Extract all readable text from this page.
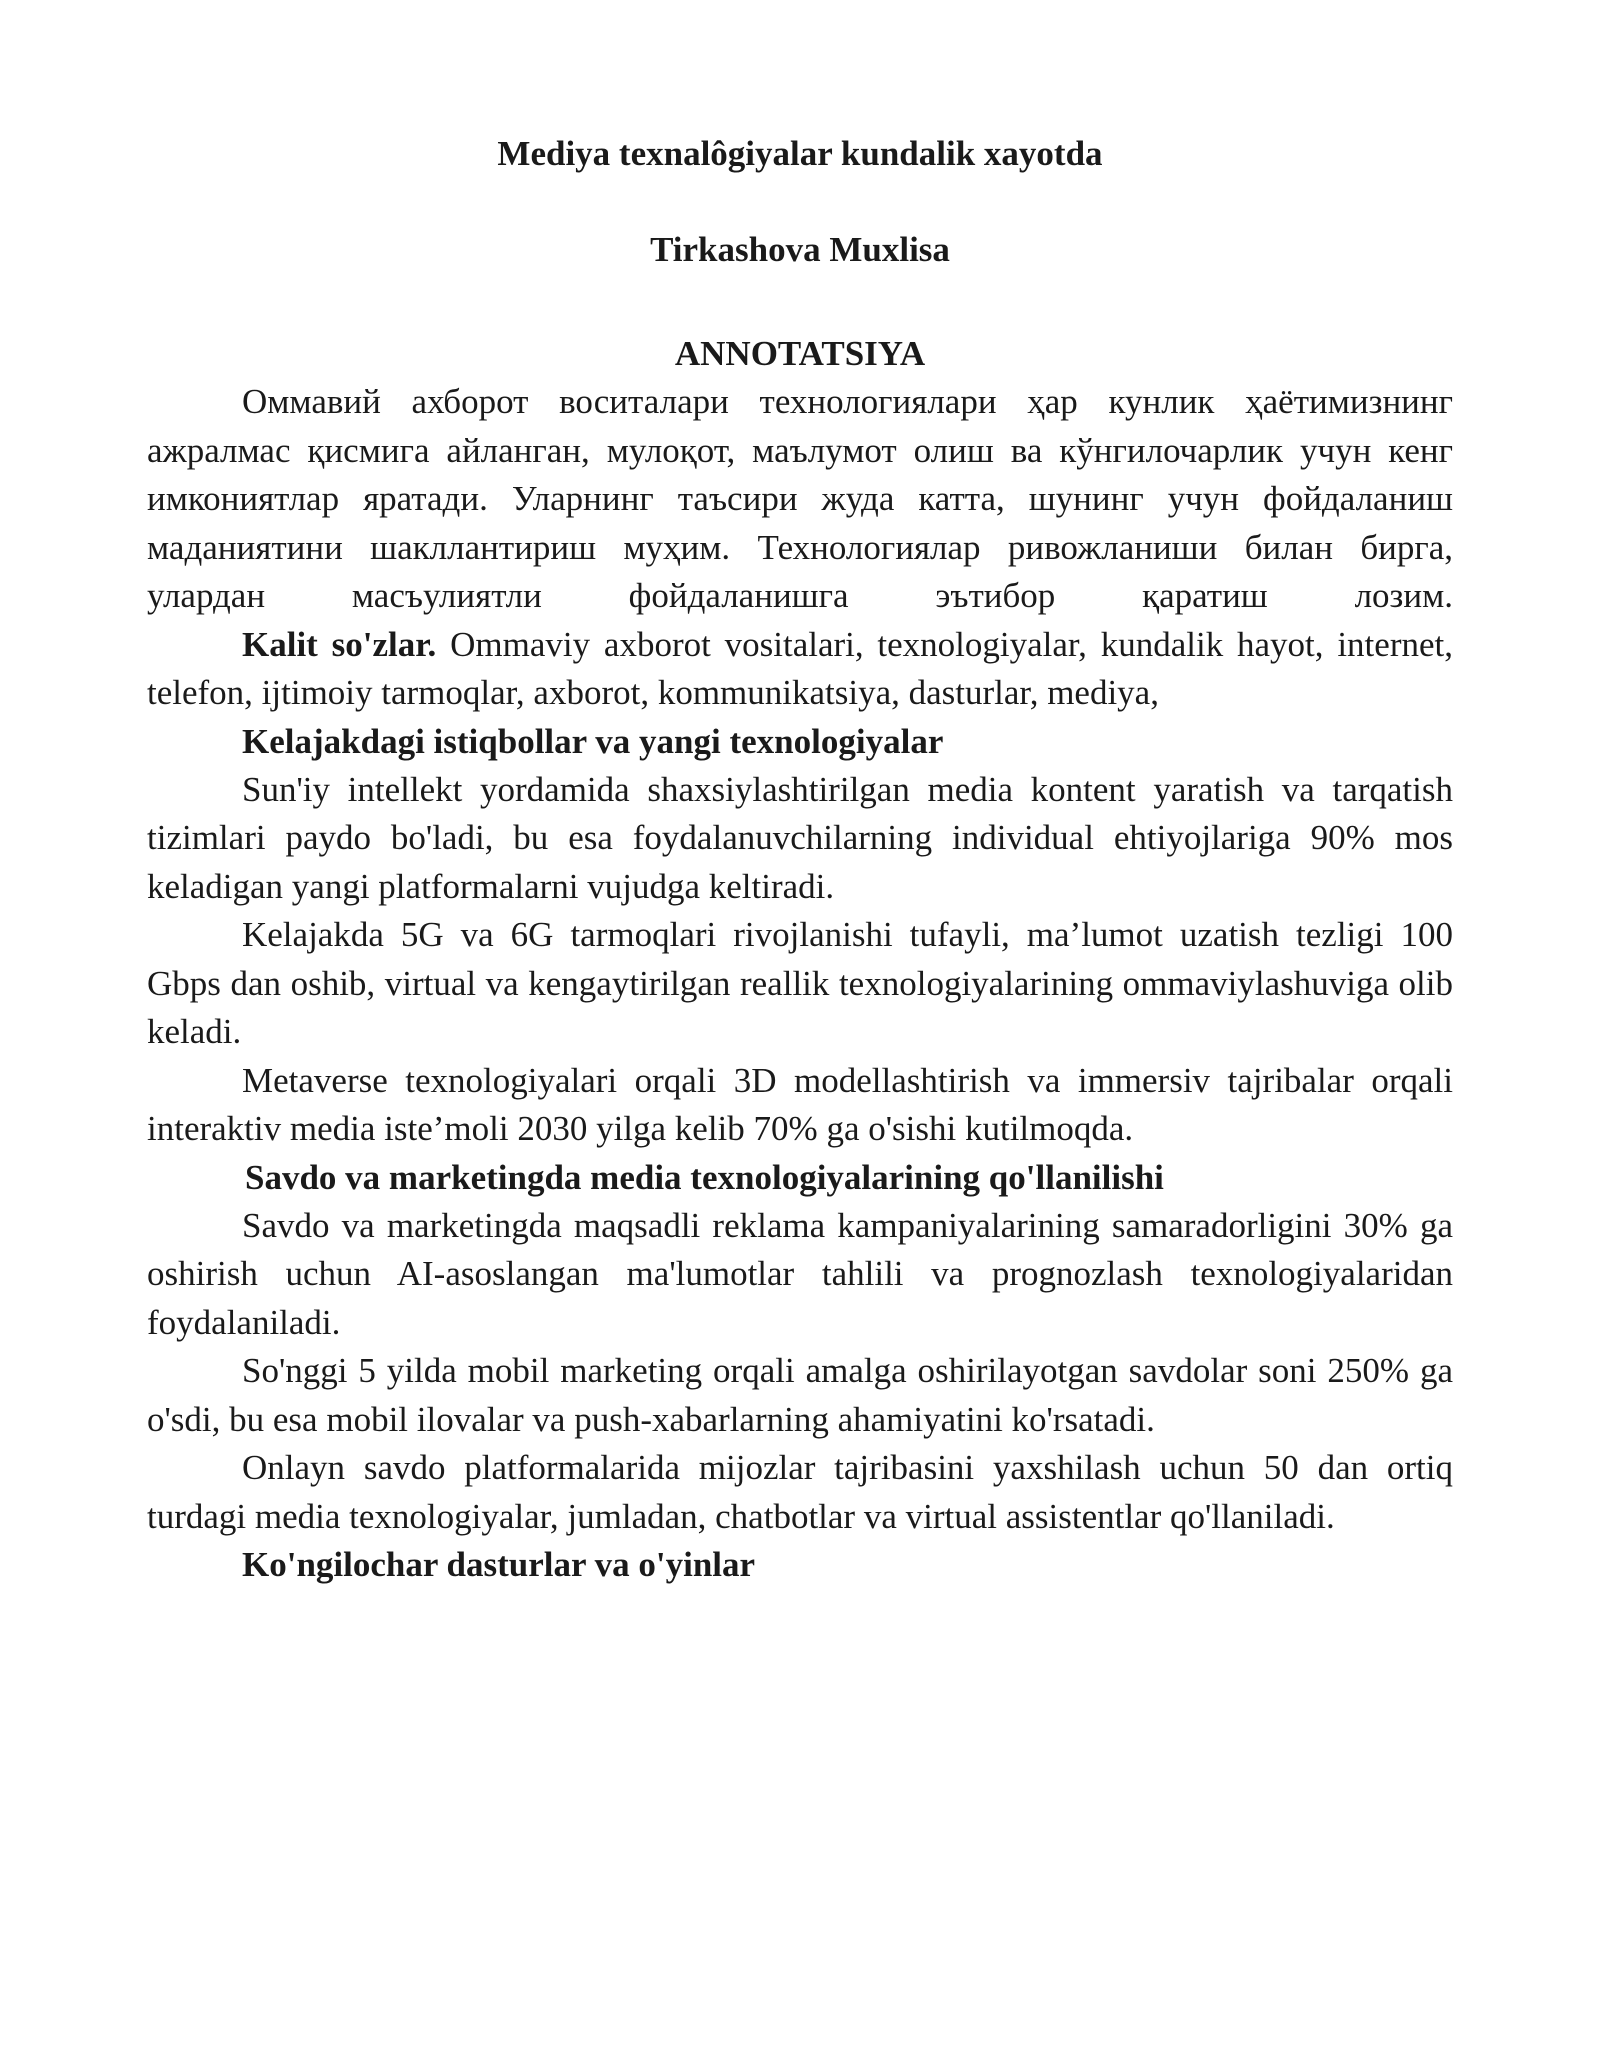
Mediya texnalôgiyalar kundalik xayotda
Tirkashova Muxlisa
ANNOTATSIYA

Оммавий ахборот воситалари технологиялари ҳар кунлик ҳаётимизнинг ажралмас қисмига айланган, мулоқот, маълумот олиш ва кўнгилочарлик учун кенг имкониятлар яратади. Уларнинг таъсири жуда катта, шунинг учун фойдаланиш маданиятини шакллантириш муҳим. Технологиялар ривожланиши билан бирга, улардан масъулиятли фойдаланишга эътибор қаратиш лозим.

Kalit so'zlar. Ommaviy axborot vositalari, texnologiyalar, kundalik hayot, internet, telefon, ijtimoiy tarmoqlar, axborot, kommunikatsiya, dasturlar, mediya,

Kelajakdagi istiqbollar va yangi texnologiyalar

Sun'iy intellekt yordamida shaxsiylashtirilgan media kontent yaratish va tarqatish tizimlari paydo bo'ladi, bu esa foydalanuvchilarning individual ehtiyojlariga 90% mos keladigan yangi platformalarni vujudga keltiradi.

Kelajakda 5G va 6G tarmoqlari rivojlanishi tufayli, ma’lumot uzatish tezligi 100 Gbps dan oshib, virtual va kengaytirilgan reallik texnologiyalarining ommaviylashuviga olib keladi.

Metaverse texnologiyalari orqali 3D modellashtirish va immersiv tajribalar orqali interaktiv media iste’moli 2030 yilga kelib 70% ga o'sishi kutilmoqda.

Savdo va marketingda media texnologiyalarining qo'llanilishi

Savdo va marketingda maqsadli reklama kampaniyalarining samaradorligini 30% ga oshirish uchun AI-asoslangan ma'lumotlar tahlili va prognozlash texnologiyalaridan foydalaniladi.

So'nggi 5 yilda mobil marketing orqali amalga oshirilayotgan savdolar soni 250% ga o'sdi, bu esa mobil ilovalar va push-xabarlarning ahamiyatini ko'rsatadi.

Onlayn savdo platformalarida mijozlar tajribasini yaxshilash uchun 50 dan ortiq turdagi media texnologiyalar, jumladan, chatbotlar va virtual assistentlar qo'llaniladi.

Ko'ngilochar dasturlar va o'yinlar
